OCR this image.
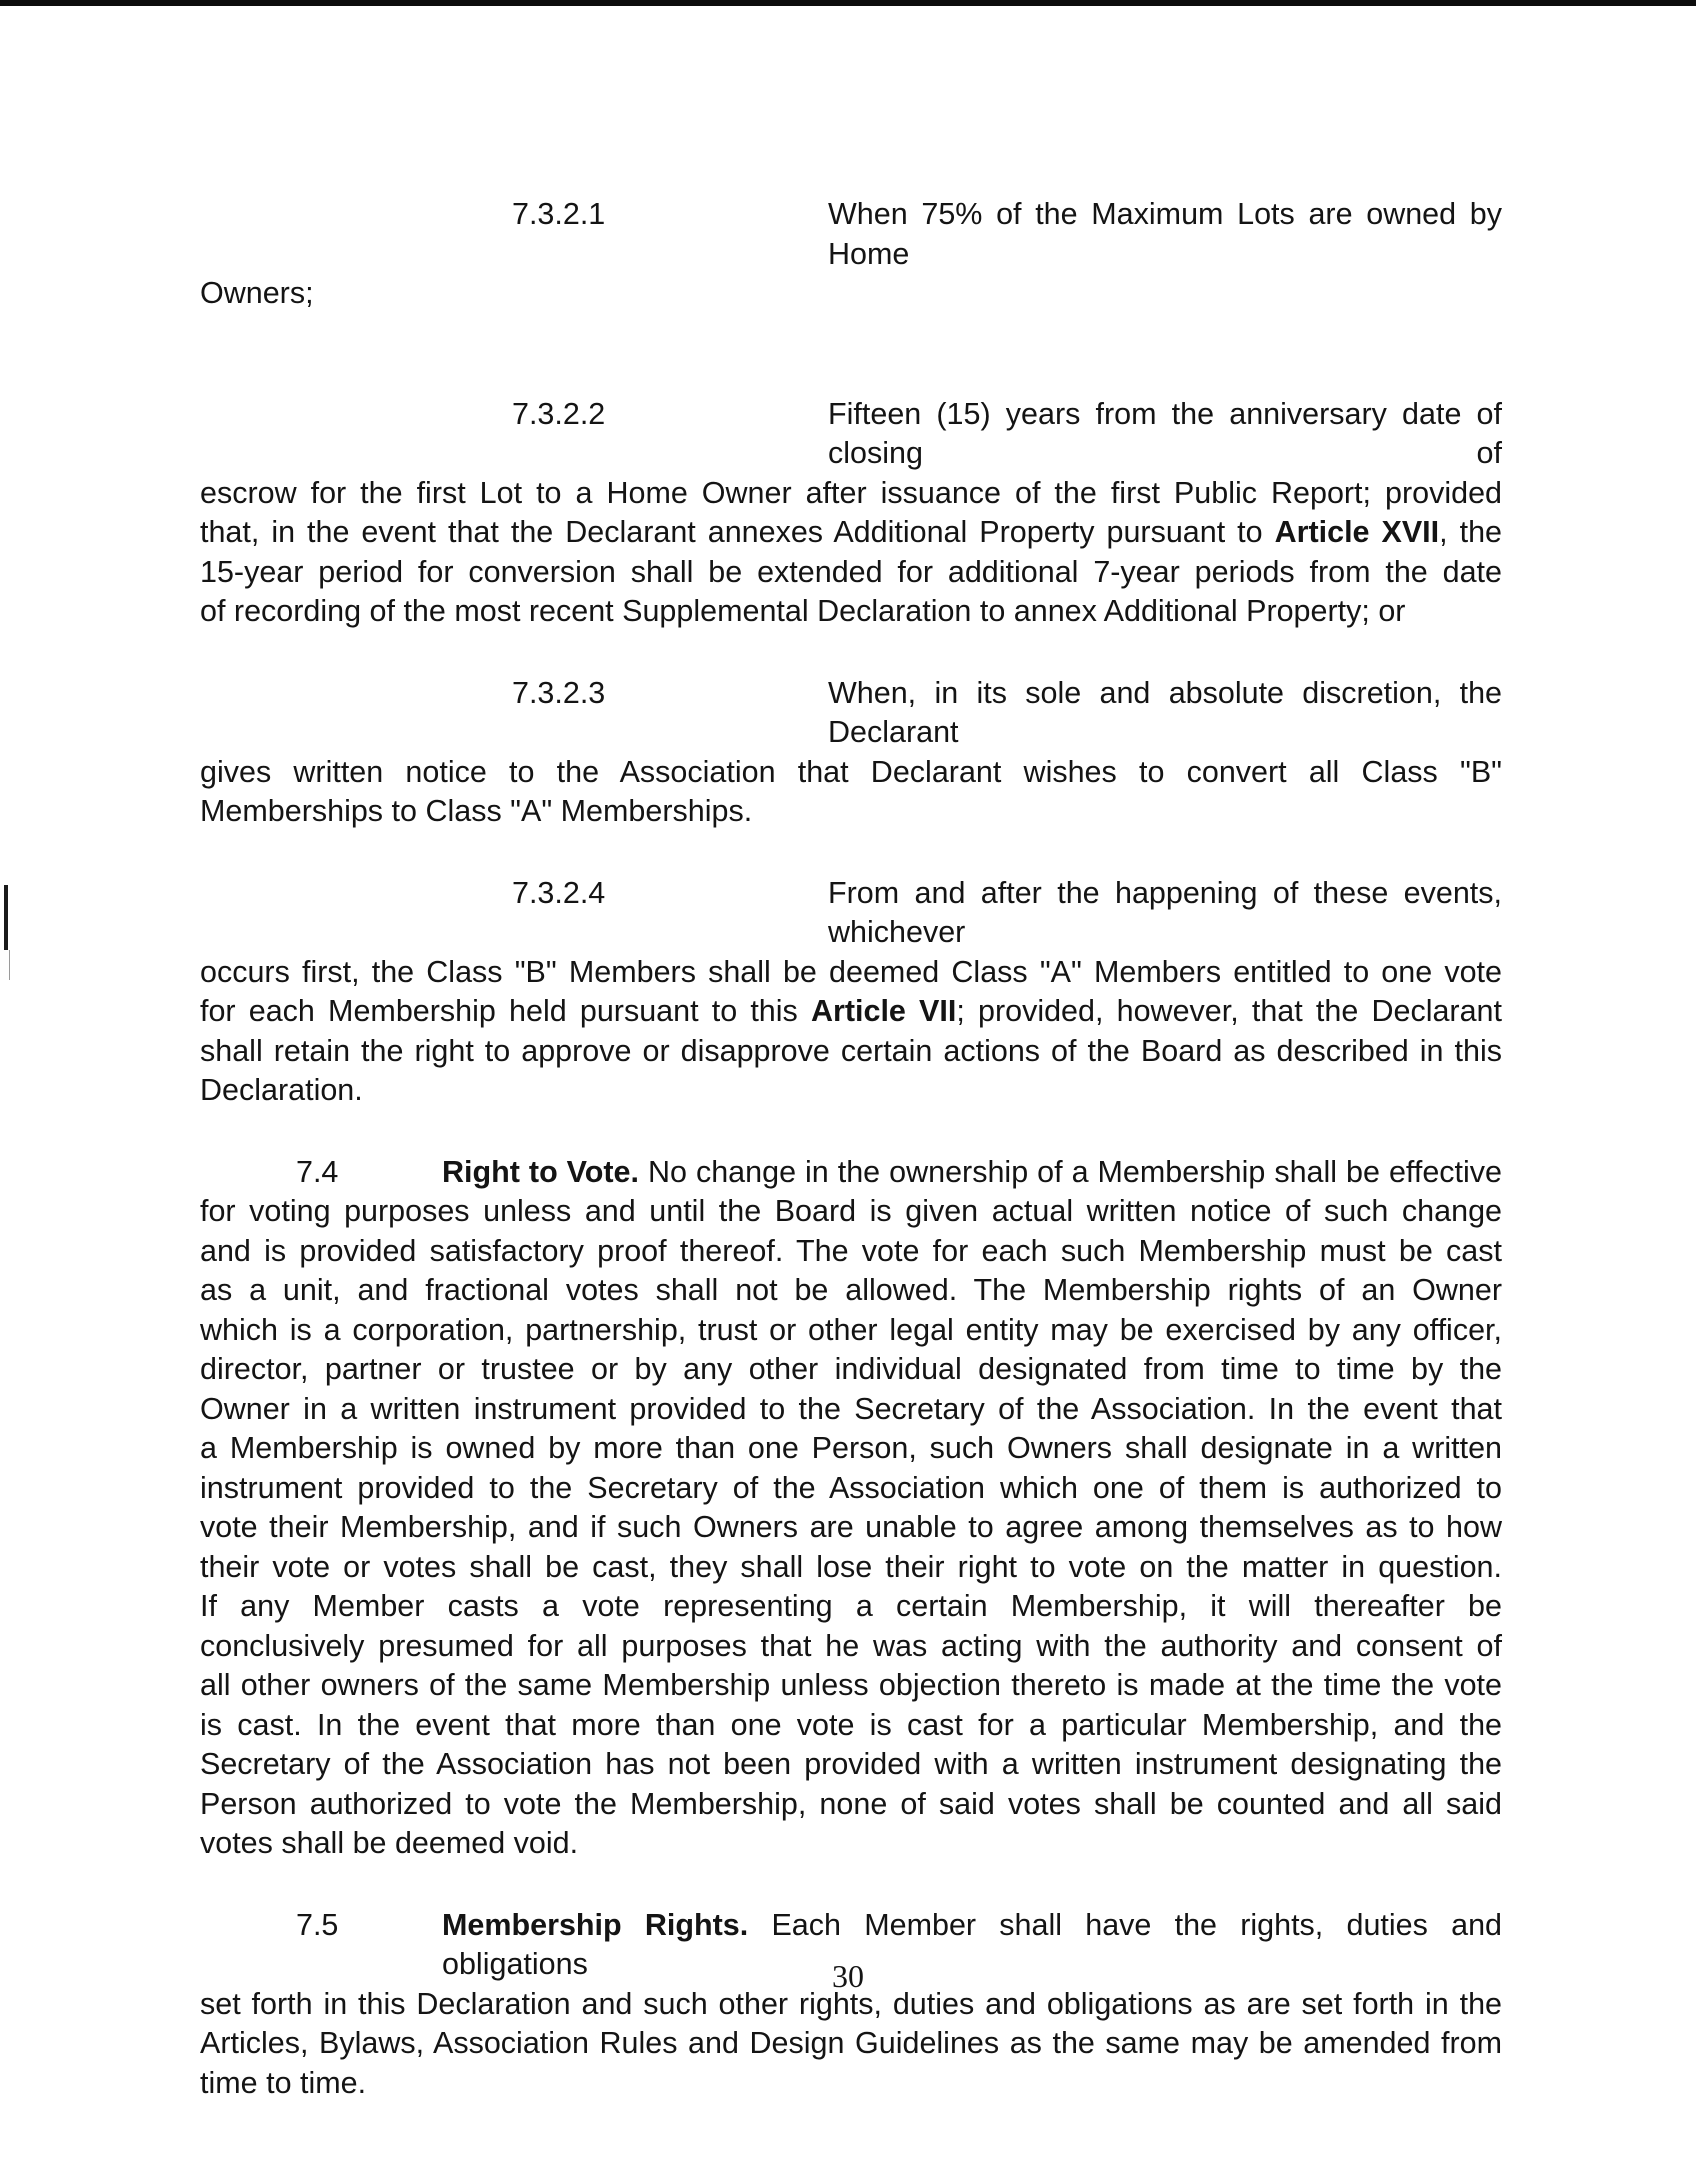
7.3.2.1	When 75% of the Maximum Lots are owned by Home

Owners;

7.3.2.2	Fifteen (15) years from the anniversary date of closing of

escrow for the first Lot to a Home Owner after issuance of the first Public Report; provided

that, in the event that the Declarant annexes Additional Property pursuant to Article XVII, the

15-year period for conversion shall be extended for additional 7-year periods from the date

of recording of the most recent Supplemental Declaration to annex Additional Property; or

7.3.2.3	When, in its sole and absolute discretion, the Declarant

gives written notice to the Association that Declarant wishes to convert all Class "B"

Memberships to Class "A" Memberships.

7.3.2.4	From and after the happening of these events, whichever

occurs first, the Class "B" Members shall be deemed Class "A" Members entitled to one vote

for each Membership held pursuant to this Article VII; provided, however, that the Declarant

shall retain the right to approve or disapprove certain actions of the Board as described in this

Declaration.

7.4	Right to Vote. No change in the ownership of a Membership shall be effective

for voting purposes unless and until the Board is given actual written notice of such change

and is provided satisfactory proof thereof. The vote for each such Membership must be cast

as a unit, and fractional votes shall not be allowed. The Membership rights of an Owner

which is a corporation, partnership, trust or other legal entity may be exercised by any officer,

director, partner or trustee or by any other individual designated from time to time by the

Owner in a written instrument provided to the Secretary of the Association. In the event that

a Membership is owned by more than one Person, such Owners shall designate in a written

instrument provided to the Secretary of the Association which one of them is authorized to

vote their Membership, and if such Owners are unable to agree among themselves as to how

their vote or votes shall be cast, they shall lose their right to vote on the matter in question.

If any Member casts a vote representing a certain Membership, it will thereafter be

conclusively presumed for all purposes that he was acting with the authority and consent of

all other owners of the same Membership unless objection thereto is made at the time the vote

is cast. In the event that more than one vote is cast for a particular Membership, and the

Secretary of the Association has not been provided with a written instrument designating the

Person authorized to vote the Membership, none of said votes shall be counted and all said

votes shall be deemed void.

7.5	Membership Rights. Each Member shall have the rights, duties and obligations

set forth in this Declaration and such other rights, duties and obligations as are set forth in the

Articles, Bylaws, Association Rules and Design Guidelines as the same may be amended from

time to time.

30
